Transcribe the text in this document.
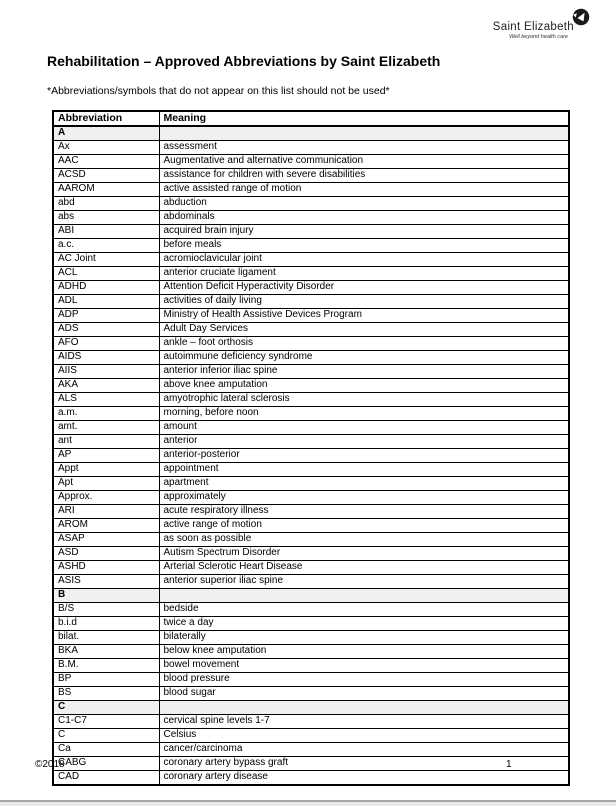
Saint Elizabeth
Well beyond health care
Rehabilitation – Approved Abbreviations by Saint Elizabeth
*Abbreviations/symbols that do not appear on this list should not be used*
Abbreviation	Meaning
A	
Ax	assessment
AAC	Augmentative and alternative communication
ACSD	assistance for children with severe disabilities
AAROM	active assisted range of motion
abd	abduction
abs	abdominals
ABI	acquired brain injury
a.c.	before meals
AC Joint	acromioclavicular joint
ACL	anterior cruciate ligament
ADHD	Attention Deficit Hyperactivity Disorder
ADL	activities of daily living
ADP	Ministry of Health Assistive Devices Program
ADS	Adult Day Services
AFO	ankle – foot orthosis
AIDS	autoimmune deficiency syndrome
AIIS	anterior inferior iliac spine
AKA	above knee amputation
ALS	amyotrophic lateral sclerosis
a.m.	morning, before noon
amt.	amount
ant	anterior
AP	anterior-posterior
Appt	appointment
Apt	apartment
Approx.	approximately
ARI	acute respiratory illness
AROM	active range of motion
ASAP	as soon as possible
ASD	Autism Spectrum Disorder
ASHD	Arterial Sclerotic Heart Disease
ASIS	anterior superior iliac spine
B	
B/S	bedside
b.i.d	twice a day
bilat.	bilaterally
BKA	below knee amputation
B.M.	bowel movement
BP	blood pressure
BS	blood sugar
C	
C1-C7	cervical spine levels 1-7
C	Celsius
Ca	cancer/carcinoma
CABG	coronary artery bypass graft
CAD	coronary artery disease
©2018	1
